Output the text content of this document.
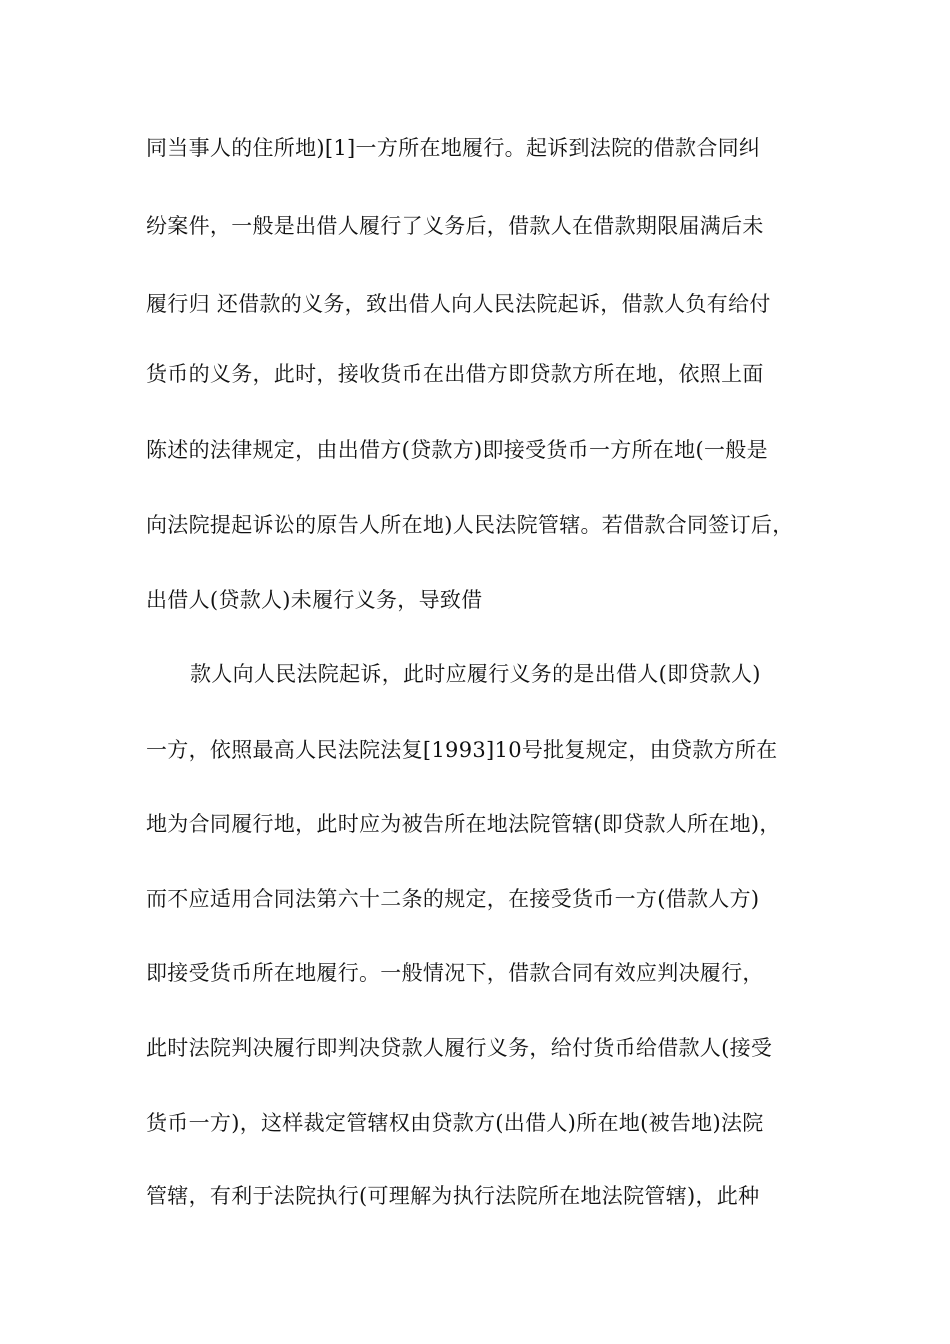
同当事人的住所地)[1]一方所在地履行。起诉到法院的借款合同纠
纷案件，一般是出借人履行了义务后，借款人在借款期限届满后未
履行归 还借款的义务，致出借人向人民法院起诉，借款人负有给付
货币的义务，此时，接收货币在出借方即贷款方所在地，依照上面
陈述的法律规定，由出借方(贷款方)即接受货币一方所在地(一般是
向法院提起诉讼的原告人所在地)人民法院管辖。若借款合同签订后，
出借人(贷款人)未履行义务，导致借
款人向人民法院起诉，此时应履行义务的是出借人(即贷款人)
一方，依照最高人民法院法复[1993]10号批复规定，由贷款方所在
地为合同履行地，此时应为被告所在地法院管辖(即贷款人所在地)，
而不应适用合同法第六十二条的规定，在接受货币一方(借款人方)
即接受货币所在地履行。一般情况下，借款合同有效应判决履行，
此时法院判决履行即判决贷款人履行义务，给付货币给借款人(接受
货币一方)，这样裁定管辖权由贷款方(出借人)所在地(被告地)法院
管辖，有利于法院执行(可理解为执行法院所在地法院管辖)，此种
